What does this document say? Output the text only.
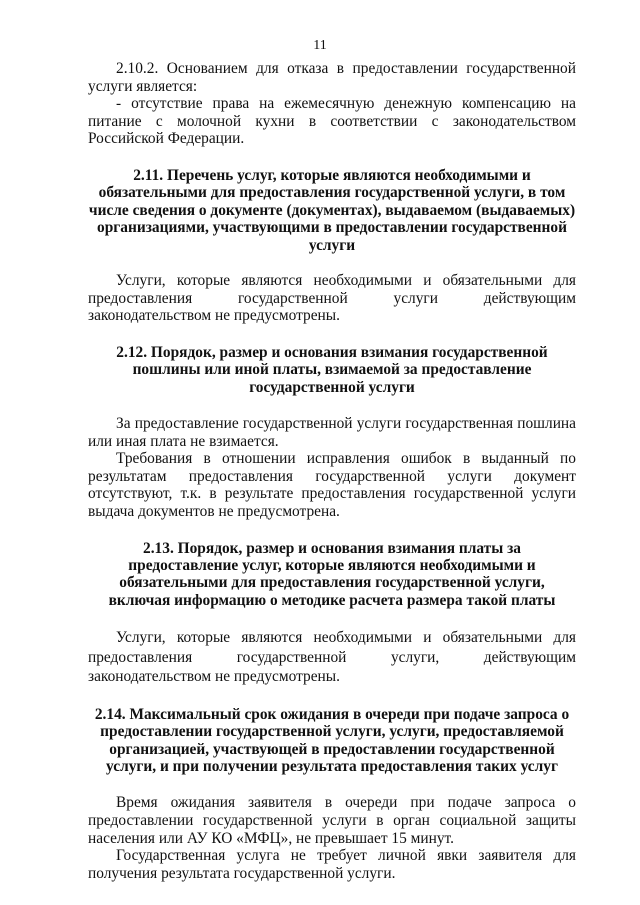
11

2.10.2. Основанием для отказа в предоставлении государственной услуги является:

- отсутствие права на ежемесячную денежную компенсацию на питание с молочной кухни в соответствии с законодательством Российской Федерации.

2.11. Перечень услуг, которые являются необходимыми и обязательными для предоставления государственной услуги, в том числе сведения о документе (документах), выдаваемом (выдаваемых) организациями, участвующими в предоставлении государственной услуги

Услуги, которые являются необходимыми и обязательными для предоставления государственной услуги действующим законодательством не предусмотрены.

2.12. Порядок, размер и основания взимания государственной пошлины или иной платы, взимаемой за предоставление государственной услуги

За предоставление государственной услуги государственная пошлина или иная плата не взимается.

Требования в отношении исправления ошибок в выданный по результатам предоставления государственной услуги документ отсутствуют, т.к. в результате предоставления государственной услуги выдача документов не предусмотрена.

2.13. Порядок, размер и основания взимания платы за предоставление услуг, которые являются необходимыми и обязательными для предоставления государственной услуги, включая информацию о методике расчета размера такой платы

Услуги, которые являются необходимыми и обязательными для предоставления государственной услуги, действующим законодательством не предусмотрены.

2.14. Максимальный срок ожидания в очереди при подаче запроса о предоставлении государственной услуги, услуги, предоставляемой организацией, участвующей в предоставлении государственной услуги, и при получении результата предоставления таких услуг

Время ожидания заявителя в очереди при подаче запроса о предоставлении государственной услуги в орган социальной защиты населения или АУ КО «МФЦ», не превышает 15 минут.

Государственная услуга не требует личной явки заявителя для получения результата государственной услуги.
